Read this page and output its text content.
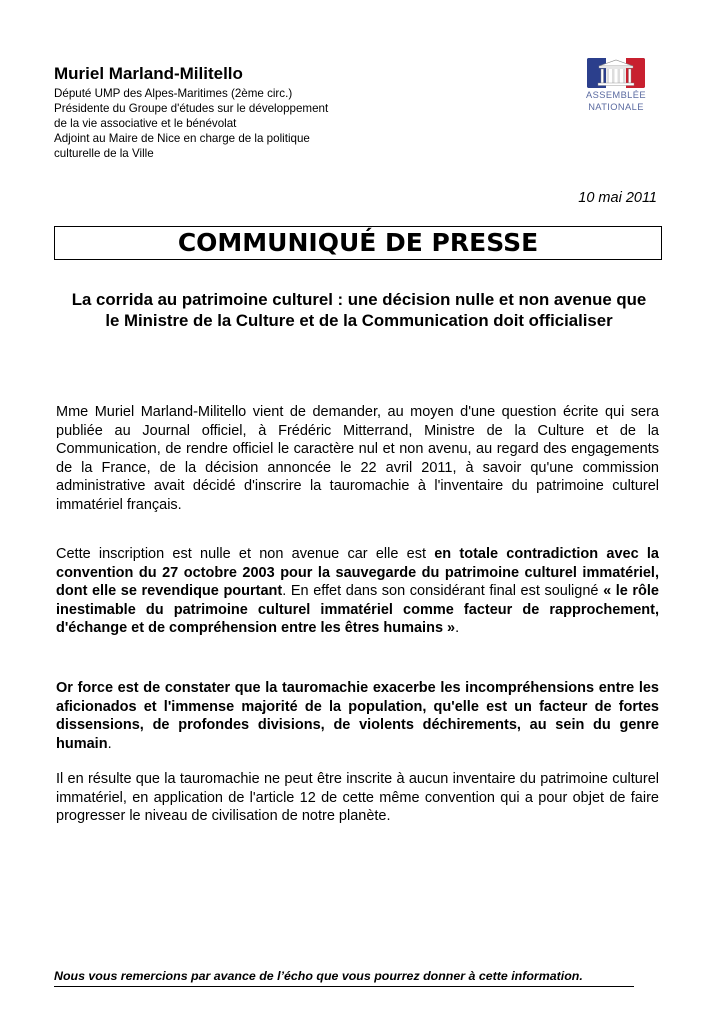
Muriel Marland-Militello
Député UMP des Alpes-Maritimes (2ème circ.)
Présidente du Groupe d'études sur le développement
de la vie associative et le bénévolat
Adjoint au Maire de Nice en charge de la politique
culturelle de la Ville
ASSEMBLÉE
NATIONALE
10 mai 2011
COMMUNIQUÉ DE PRESSE
La corrida au patrimoine culturel : une décision nulle et non avenue que le Ministre de la Culture et de la Communication doit officialiser

Mme Muriel Marland-Militello vient de demander, au moyen d'une question écrite qui sera publiée au Journal officiel, à Frédéric Mitterrand, Ministre de la Culture et de la Communication, de rendre officiel le caractère nul et non avenu, au regard des engagements de la France, de la décision annoncée le 22 avril 2011, à savoir qu'une commission administrative avait décidé d'inscrire la tauromachie à l'inventaire du patrimoine culturel immatériel français.

Cette inscription est nulle et non avenue car elle est en totale contradiction avec la convention du 27 octobre 2003 pour la sauvegarde du patrimoine culturel immatériel, dont elle se revendique pourtant. En effet dans son considérant final est souligné « le rôle inestimable du patrimoine culturel immatériel comme facteur de rapprochement, d'échange et de compréhension entre les êtres humains ».

Or force est de constater que la tauromachie exacerbe les incompréhensions entre les aficionados et l'immense majorité de la population, qu'elle est un facteur de fortes dissensions, de profondes divisions, de violents déchirements, au sein du genre humain.

Il en résulte que la tauromachie ne peut être inscrite à aucun inventaire du patrimoine culturel immatériel, en application de l'article 12 de cette même convention qui a pour objet de faire progresser le niveau de civilisation de notre planète.

Nous vous remercions par avance de l’écho que vous pourrez donner à cette information.
